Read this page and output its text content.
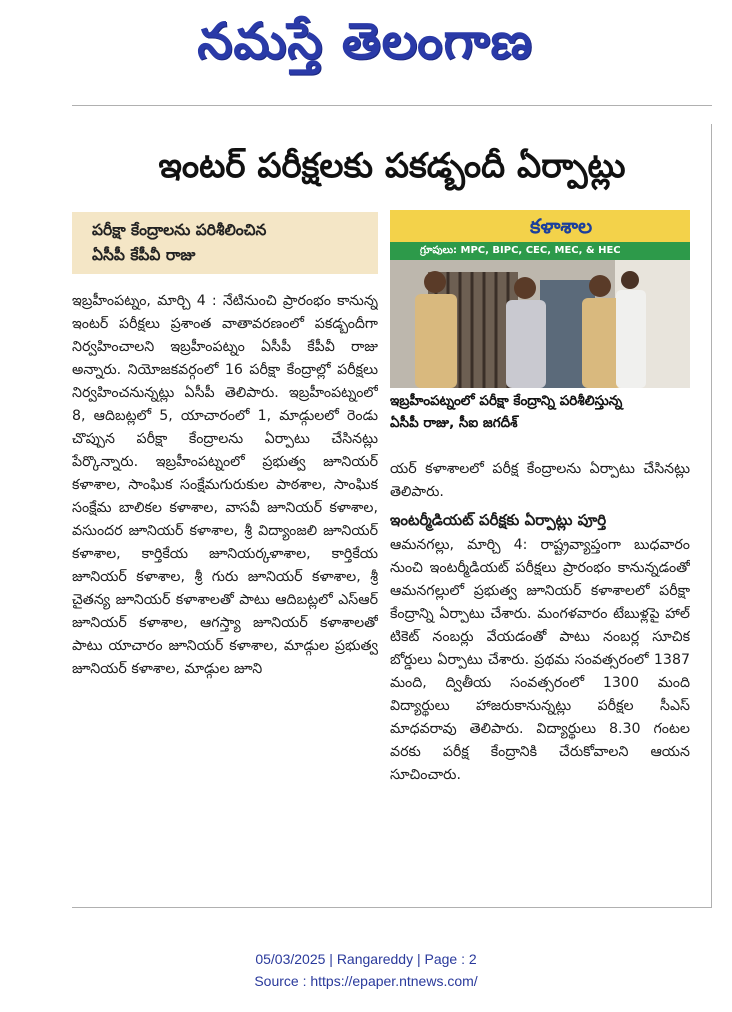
నమస్తే తెలంగాణ
ఇంటర్ పరీక్షలకు పకడ్బందీ ఏర్పాట్లు
పరీక్షా కేంద్రాలను పరిశీలించిన
ఏసీపీ కేపీవీ రాజు
ఇబ్రహీంపట్నం, మార్చి 4 : నేటినుంచి ప్రారంభం కానున్న ఇంటర్ పరీక్షలు ప్రశాంత వాతావరణంలో పకడ్బందీగా నిర్వహించాలని ఇబ్రహీంపట్నం ఏసీపీ కేపీవీ రాజు అన్నారు. నియోజకవర్గంలో 16 పరీక్షా కేంద్రాల్లో పరీక్షలు నిర్వహించనున్నట్లు ఏసీపీ తెలిపారు. ఇబ్రహీంపట్నంలో 8, ఆదిబట్లలో 5, యాచారంలో 1, మాడ్గులలో రెండు చొప్పున పరీక్షా కేంద్రాలను ఏర్పాటు చేసినట్లు పేర్కొన్నారు. ఇబ్రహీంపట్నంలో ప్రభుత్వ జూనియర్ కళాశాల, సాంఘిక సంక్షేమగురుకుల పాఠశాల, సాంఘిక సంక్షేమ బాలికల కళాశాల, వాసవీ జూనియర్ కళాశాల, వసుందర జూనియర్ కళాశాల, శ్రీ విద్యాంజలి జూనియర్ కళాశాల, కార్తికేయ జూనియర్కళాశాల, కార్తికేయ జూనియర్ కళాశాల, శ్రీ గురు జూనియర్ కళాశాల, శ్రీ చైతన్య జూనియర్ కళాశాలతో పాటు ఆదిబట్లలో ఎస్ఆర్ జూనియర్ కళాశాల, ఆగస్త్యా జూనియర్ కళాశాలతో పాటు యాచారం జూనియర్ కళాశాల, మాడ్గుల ప్రభుత్వ జూనియర్ కళాశాల, మాడ్గుల జూని
కళాశాల
గ్రూపులు: MPC, BIPC, CEC, MEC, & HEC
ఇబ్రహీంపట్నంలో పరీక్షా కేంద్రాన్ని పరిశీలిస్తున్న
ఏసీపీ రాజు, సీఐ జగదీశ్
యర్ కళాశాలలో పరీక్ష కేంద్రాలను ఏర్పాటు చేసినట్లు తెలిపారు.
ఇంటర్మీడియట్ పరీక్షకు ఏర్పాట్లు పూర్తి
ఆమనగల్లు, మార్చి 4: రాష్ట్రవ్యాప్తంగా బుధవారం నుంచి ఇంటర్మీడియట్ పరీక్షలు ప్రారంభం కానున్నడంతో ఆమనగల్లులో ప్రభుత్వ జూనియర్ కళాశాలలో పరీక్షా కేంద్రాన్ని ఏర్పాటు చేశారు. మంగళవారం టేబుళ్లపై హాల్ టికెట్ నంబర్లు వేయడంతో పాటు నంబర్ల సూచిక బోర్డులు ఏర్పాటు చేశారు. ప్రథమ సంవత్సరంలో 1387 మంది, ద్వితీయ సంవత్సరంలో 1300 మంది విద్యార్థులు హాజరుకానున్నట్లు పరీక్షల సీఎస్ మాధవరావు తెలిపారు. విద్యార్థులు 8.30 గంటల వరకు పరీక్ష కేంద్రానికి చేరుకోవాలని ఆయన సూచించారు.
05/03/2025 | Rangareddy | Page : 2
Source : https://epaper.ntnews.com/
